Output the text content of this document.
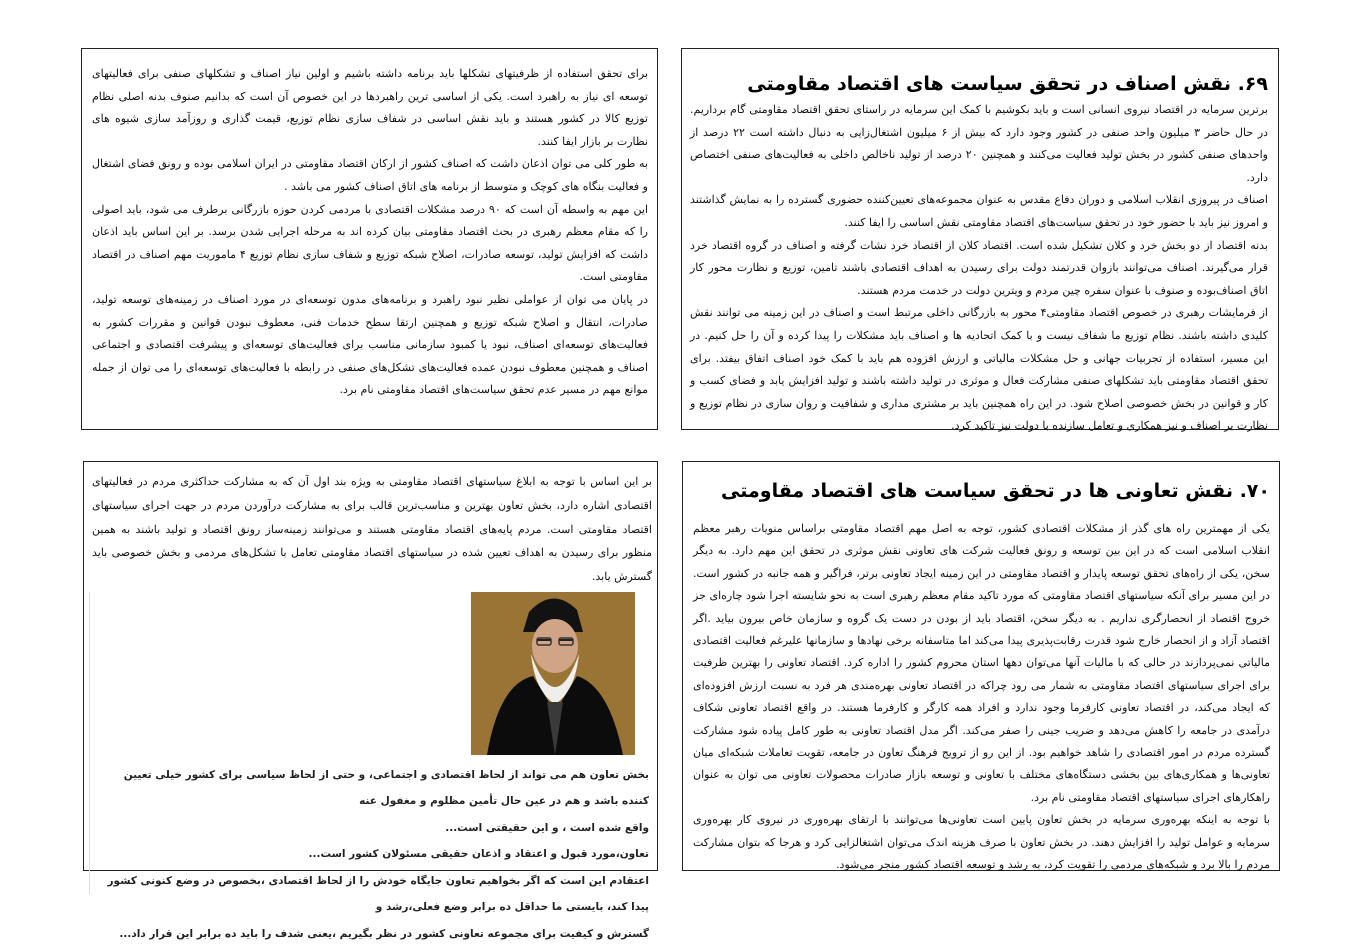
۶۹. نقش اصناف در تحقق سیاست های اقتصاد مقاومتی

برترین سرمایه در اقتصاد نیروی انسانی است و باید بکوشیم با کمک این سرمایه در راستای تحقق اقتصاد مقاومتی گام برداریم. در حال حاضر ۳ میلیون واحد صنفی در کشور وجود دارد که بیش از ۶ میلیون اشتغال‌زایی به دنبال داشته است ۲۲ درصد از واحدهای صنفی کشور در بخش تولید فعالیت می‌کنند و همچنین ۲۰ درصد از تولید ناخالص داخلی به فعالیت‌های صنفی اختصاص دارد.

اصناف در پیروزی انقلاب اسلامی و دوران دفاع مقدس به عنوان مجموعه‌های تعیین‌کننده حضوری گسترده را به نمایش گذاشتند و امروز نیز باید با حضور خود در تحقق سیاست‌های اقتصاد مقاومتی نقش اساسی را ایفا کنند.

بدنه اقتصاد از دو بخش خرد و کلان تشکیل شده است. اقتصاد کلان از اقتصاد خرد نشات گرفته و اصناف در گروه اقتصاد خرد قرار می‌گیرند. اصناف می‌توانند بازوان قدرتمند دولت برای رسیدن به اهداف اقتصادی باشند تامین، توزیع و نظارت محور کار اتاق اصناف‌بوده و صنوف با عنوان سفره چین مردم و ویترین دولت در خدمت مردم هستند.

از فرمایشات رهبری در خصوص اقتصاد مقاومتی۴ محور به بازرگانی داخلی مرتبط است و اصناف در این زمینه می توانند نقش کلیدی داشته باشند. نظام توزیع ما شفاف نیست و با کمک اتحادیه ها و اصناف باید مشکلات را پیدا کرده و آن را حل کنیم. در این مسیر، استفاده از تجربیات جهانی و حل مشکلات مالیاتی و ارزش افزوده هم باید با کمک خود اصناف اتفاق بیفتد. برای تحقق اقتصاد مقاومتی باید تشکلهای صنفی مشارکت فعال و موثری در تولید داشته باشند و تولید افزایش یابد و فضای کسب و کار و قوانین در بخش خصوصی اصلاح شود. در این راه همچنین باید بر مشتری مداری و شفافیت و روان سازی در نظام توزیع و نظارت بر اصناف و نیز همکاری و تعامل سازنده با دولت نیز تاکید کرد.

برای تحقق استفاده از ظرفیتهای تشکلها باید برنامه داشته باشیم و اولین نیاز اصناف و تشکلهای صنفی برای فعالیتهای توسعه ای نیاز به راهبرد است. یکی از اساسی ترین راهبردها در این خصوص آن است که بدانیم صنوف بدنه اصلی نظام توزیع کالا در کشور هستند و باید نقش اساسی در شفاف سازی نظام توزیع، قیمت گذاری و روزآمد سازی شیوه های نظارت بر بازار ایفا کنند.

به طور کلی می توان اذعان داشت که اصناف کشور از ارکان اقتصاد مقاومتی در ایران اسلامی بوده و رونق فضای اشتغال و فعالیت بنگاه های کوچک و متوسط از برنامه های اتاق اصناف کشور می باشد .

این مهم به واسطه آن است که ۹۰ درصد مشکلات اقتصادی با مردمی کردن حوزه بازرگانی برطرف می شود، باید اصولی را که مقام معظم رهبری در بحث اقتصاد مقاومتی بیان کرده اند به مرحله اجرایی شدن برسد. بر این اساس باید اذعان داشت که افزایش تولید، توسعه صادرات، اصلاح شبکه توزیع و شفاف سازی نظام توزیع ۴ ماموریت مهم اصناف در اقتصاد مقاومتی است.

در پایان می توان از عواملی نظیر نبود راهبرد و برنامه‌های مدون توسعه‌ای در مورد اصناف در زمینه‌های توسعه تولید، صادرات، انتقال و اصلاح شبکه توزیع و همچنین ارتقا سطح خدمات فنی، معطوف نبودن قوانین و مقررات کشور به فعالیت‌های توسعه‌ای اصناف، نبود یا کمبود سازمانی مناسب برای فعالیت‌های توسعه‌ای و پیشرفت اقتصادی و اجتماعی اصناف و همچنین معطوف نبودن عمده فعالیت‌های تشکل‌های صنفی در رابطه با فعالیت‌های توسعه‌ای را می توان از جمله موانع مهم در مسیر عدم تحقق سیاست‌های اقتصاد مقاومتی نام برد.

۷۰. نقش تعاونی ها در تحقق سیاست های اقتصاد مقاومتی

یکی از مهمترین راه های گذر از مشکلات اقتصادی کشور، توجه به اصل مهم اقتصاد مقاومتی براساس منویات رهبر معظم انقلاب اسلامی است که در این بین توسعه و رونق فعالیت شرکت های تعاونی نقش موثری در تحقق این مهم دارد. به دیگر سخن، یکی از راه‌های تحقق توسعه پایدار و اقتصاد مقاومتی در این زمینه ایجاد تعاونی برتر، فراگیر و همه جانبه در کشور است. در این مسیر برای آنکه سیاستهای اقتصاد مقاومتی که مورد تاکید مقام معظم رهبری است به نحو شایسته اجرا شود چاره‌ای جز خروج اقتصاد از انحصارگری نداریم . به دیگر سخن، اقتصاد باید از بودن در دست یک گروه و سازمان خاص بیرون بیاید .اگر اقتصاد آزاد و از انحصار خارج شود قدرت رقابت‌پذیری پیدا می‌کند اما متاسفانه برخی نهادها و سازمانها علیرغم فعالیت اقتصادی مالیاتی نمی‌پردازند در حالی که با مالیات آنها می‌توان دهها استان محروم کشور را اداره کرد. اقتصاد تعاونی را بهترین ظرفیت برای اجرای سیاستهای اقتصاد مقاومتی به شمار می رود چراکه در اقتصاد تعاونی بهره‌مندی هر فرد به نسبت ارزش افزوده‌ای که ایجاد می‌کند، در اقتصاد تعاونی کارفرما وجود ندارد و افراد همه کارگر و کارفرما هستند. در واقع اقتصاد تعاونی شکاف درآمدی در جامعه را کاهش می‌دهد و ضریب جینی را صفر می‌کند. اگر مدل اقتصاد تعاونی به طور کامل پیاده شود مشارکت گسترده مردم در امور اقتصادی را شاهد خواهیم بود. از این رو از ترویج فرهنگ تعاون در جامعه، تقویت تعاملات شبکه‌ای میان تعاونی‌ها و همکاری‌های بین بخشی دستگاه‌های مختلف با تعاونی و توسعه بازار صادرات محصولات تعاونی می توان به عنوان راهکارهای اجرای سیاستهای اقتصاد مقاومتی نام برد.

با توجه به اینکه بهره‌وری سرمایه در بخش تعاون پایین است تعاونی‌ها می‌توانند با ارتقای بهره‌وری در نیروی کار بهره‌وری سرمایه و عوامل تولید را افزایش دهند. در بخش تعاون با صرف هزینه اندک می‌توان اشتغالزایی کرد و هرجا که بتوان مشارکت مردم را بالا برد و شبکه‌های مردمی را تقویت کرد، به رشد و توسعه اقتصاد کشور منجر می‌شود.

بر این اساس با توجه به ابلاغ سیاستهای اقتصاد مقاومتی به ویژه بند اول آن که به مشارکت حداکثری مردم در فعالیتهای اقتصادی اشاره دارد، بخش تعاون بهترین و مناسب‌ترین قالب برای به مشارکت درآوردن مردم در جهت اجرای سیاستهای اقتصاد مقاومتی است. مردم پایه‌های اقتصاد مقاومتی هستند و می‌توانند زمینه‌ساز رونق اقتصاد و تولید باشند به همین منظور برای رسیدن به اهداف تعیین شده در سیاستهای اقتصاد مقاومتی تعامل با تشکل‌های مردمی و بخش خصوصی باید گسترش یابد.

بخش تعاون هم می تواند از لحاظ اقتصادی و اجتماعی، و حتی از لحاظ سیاسی برای کشور خیلی تعیین کننده باشد و هم در عین حال تأمین مظلوم و مغفول عنه
واقع شده است ، و این حقیقتی است...
تعاون،مورد قبول و اعتقاد و اذعان حقیقی مسئولان کشور است...
اعتقادم این است که اگر بخواهیم تعاون جایگاه خودش را از لحاظ اقتصادی ،بخصوص در وضع کنونی کشور پیدا کند، بایستی ما حداقل ده برابر وضع فعلی،رشد و
گسترش و کیفیت برای مجموعه تعاونی کشور در نظر بگیریم ،یعنی شدف را باید ده برابر این قرار داد...
